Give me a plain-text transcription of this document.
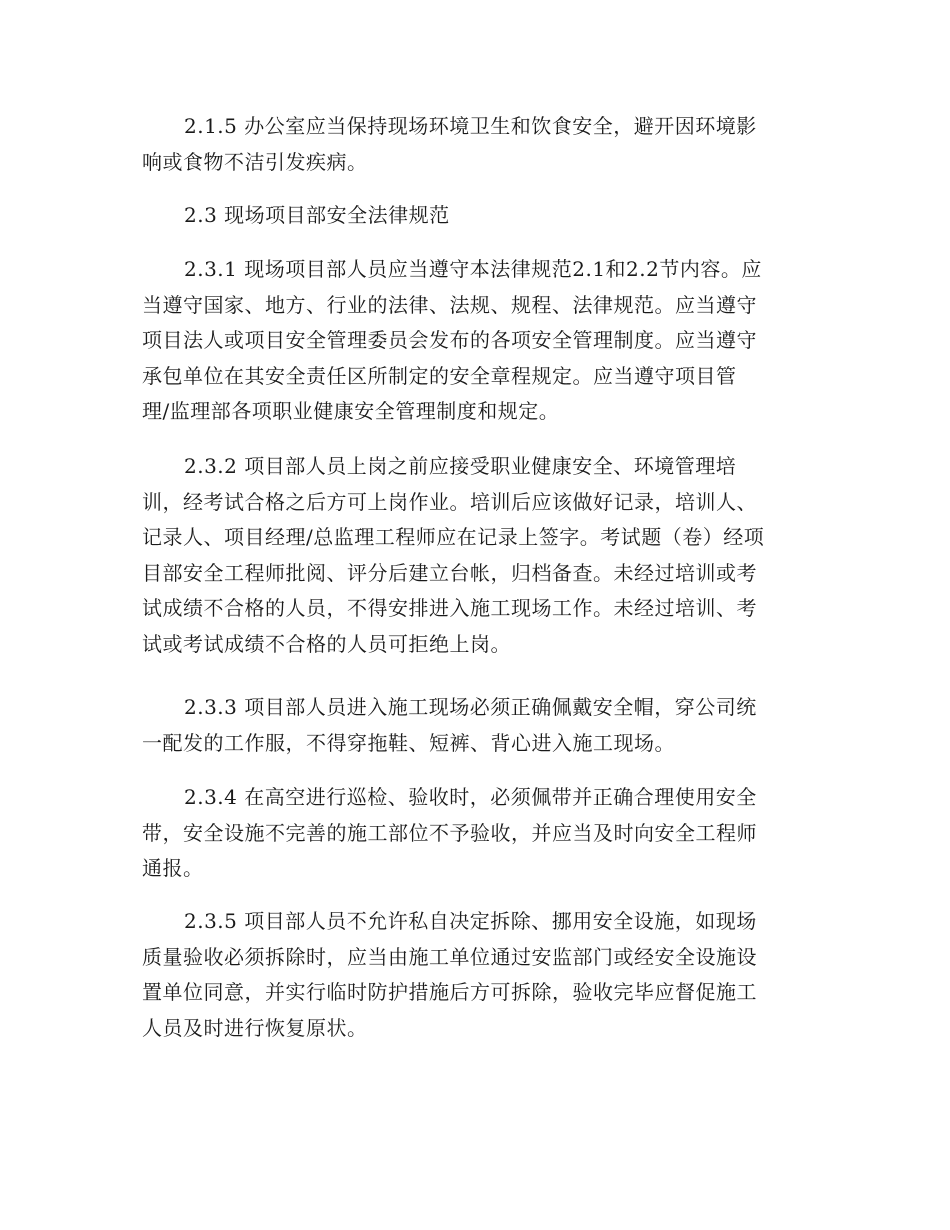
2.1.5 办公室应当保持现场环境卫生和饮食安全，避开因环境影
响或食物不洁引发疾病。
2.3 现场项目部安全法律规范
2.3.1 现场项目部人员应当遵守本法律规范2.1和2.2节内容。应
当遵守国家、地方、行业的法律、法规、规程、法律规范。应当遵守
项目法人或项目安全管理委员会发布的各项安全管理制度。应当遵守
承包单位在其安全责任区所制定的安全章程规定。应当遵守项目管
理/监理部各项职业健康安全管理制度和规定。
2.3.2 项目部人员上岗之前应接受职业健康安全、环境管理培
训，经考试合格之后方可上岗作业。培训后应该做好记录，培训人、
记录人、项目经理/总监理工程师应在记录上签字。考试题（卷）经项
目部安全工程师批阅、评分后建立台帐，归档备查。未经过培训或考
试成绩不合格的人员，不得安排进入施工现场工作。未经过培训、考
试或考试成绩不合格的人员可拒绝上岗。
2.3.3 项目部人员进入施工现场必须正确佩戴安全帽，穿公司统
一配发的工作服，不得穿拖鞋、短裤、背心进入施工现场。
2.3.4 在高空进行巡检、验收时，必须佩带并正确合理使用安全
带，安全设施不完善的施工部位不予验收，并应当及时向安全工程师
通报。
2.3.5 项目部人员不允许私自决定拆除、挪用安全设施，如现场
质量验收必须拆除时，应当由施工单位通过安监部门或经安全设施设
置单位同意，并实行临时防护措施后方可拆除，验收完毕应督促施工
人员及时进行恢复原状。
